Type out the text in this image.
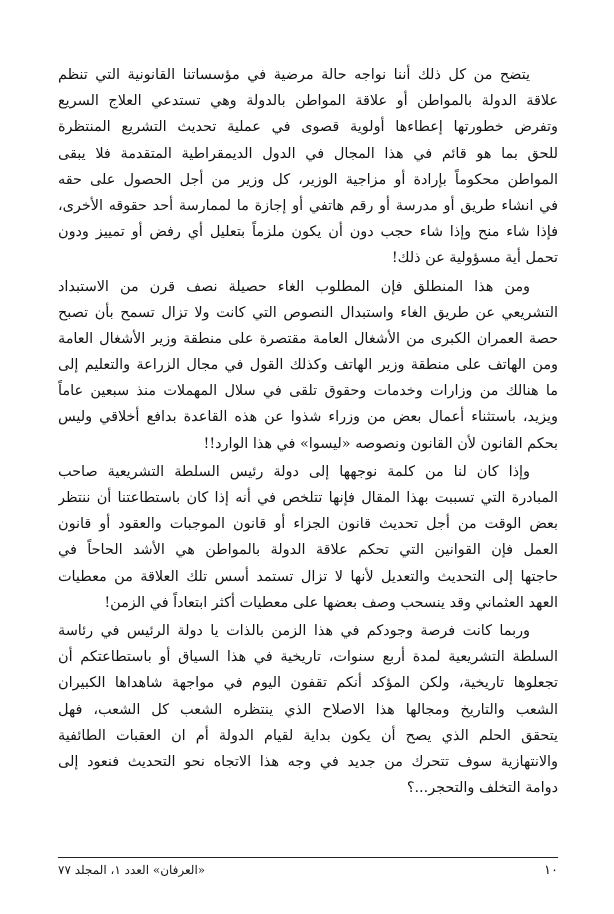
يتضح من كل ذلك أننا نواجه حالة مرضية في مؤسساتنا القانونية التي تنظم
علاقة الدولة بالمواطن أو علاقة المواطن بالدولة وهي تستدعي العلاج السريع
وتفرض خطورتها إعطاءها أولوية قصوى في عملية تحديث التشريع المنتظرة
للحق بما هو قائم في هذا المجال في الدول الديمقراطية المتقدمة فلا يبقى
المواطن محكوماً بإرادة أو مزاجية الوزير، كل وزير من أجل الحصول على حقه
في انشاء طريق أو مدرسة أو رقم هاتفي أو إجازة ما لممارسة أحد حقوقه الأخرى،
فإذا شاء منح وإذا شاء حجب دون أن يكون ملزماً بتعليل أي رفض أو تمييز ودون
تحمل أية مسؤولية عن ذلك!
ومن هذا المنطلق فإن المطلوب الغاء حصيلة نصف قرن من الاستبداد
التشريعي عن طريق الغاء واستبدال النصوص التي كانت ولا تزال تسمح بأن تصبح
حصة العمران الكبرى من الأشغال العامة مقتصرة على منطقة وزير الأشغال العامة
ومن الهاتف على منطقة وزير الهاتف وكذلك القول في مجال الزراعة والتعليم إلى
ما هنالك من وزارات وخدمات وحقوق تلقى في سلال المهملات منذ سبعين عاماً
ويزيد، باستثناء أعمال بعض من وزراء شذوا عن هذه القاعدة بدافع أخلاقي وليس
بحكم القانون لأن القانون ونصوصه «ليسوا» في هذا الوارد!!
وإذا كان لنا من كلمة نوجهها إلى دولة رئيس السلطة التشريعية صاحب
المبادرة التي تسببت بهذا المقال فإنها تتلخص في أنه إذا كان باستطاعتنا أن ننتظر
بعض الوقت من أجل تحديث قانون الجزاء أو قانون الموجبات والعقود أو قانون
العمل فإن القوانين التي تحكم علاقة الدولة بالمواطن هي الأشد الحاحاً في
حاجتها إلى التحديث والتعديل لأنها لا تزال تستمد أسس تلك العلاقة من معطيات
العهد العثماني وقد ينسحب وصف بعضها على معطيات أكثر ابتعاداً في الزمن!
وربما كانت فرصة وجودكم في هذا الزمن بالذات يا دولة الرئيس في رئاسة
السلطة التشريعية لمدة أربع سنوات، تاريخية في هذا السياق أو باستطاعتكم أن
تجعلوها تاريخية، ولكن المؤكد أنكم تقفون اليوم في مواجهة شاهداها الكبيران
الشعب والتاريخ ومجالها هذا الاصلاح الذي ينتظره الشعب كل الشعب، فهل
يتحقق الحلم الذي يصح أن يكون بداية لقيام الدولة أم ان العقبات الطائفية
والانتهازية سوف تتحرك من جديد في وجه هذا الاتجاه نحو التحديث فنعود إلى
دوامة التخلف والتحجر...؟
١٠
«العرفان» العدد ١، المجلد ٧٧
